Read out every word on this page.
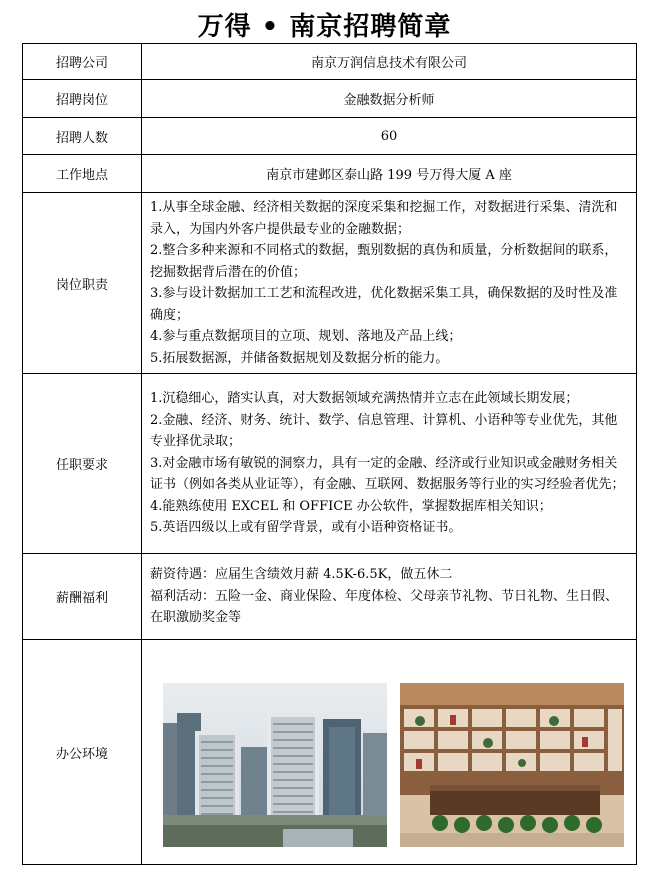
万得 • 南京招聘简章
招聘公司	南京万润信息技术有限公司
招聘岗位	金融数据分析师
招聘人数	60
工作地点	南京市建邺区泰山路 199 号万得大厦 A 座
岗位职责	1.从事全球金融、经济相关数据的深度采集和挖掘工作，对数据进行采集、清洗和录入，为国内外客户提供最专业的金融数据；
2.整合多种来源和不同格式的数据，甄别数据的真伪和质量，分析数据间的联系，挖掘数据背后潜在的价值；
3.参与设计数据加工工艺和流程改进，优化数据采集工具，确保数据的及时性及准确度；
4.参与重点数据项目的立项、规划、落地及产品上线；
5.拓展数据源，并储备数据规划及数据分析的能力。

任职要求	1.沉稳细心，踏实认真，对大数据领域充满热情并立志在此领域长期发展；
2.金融、经济、财务、统计、数学、信息管理、计算机、小语种等专业优先，其他专业择优录取；
3.对金融市场有敏锐的洞察力，具有一定的金融、经济或行业知识或金融财务相关证书（例如各类从业证等），有金融、互联网、数据服务等行业的实习经验者优先；
4.能熟练使用 EXCEL 和 OFFICE 办公软件，掌握数据库相关知识；
5.英语四级以上或有留学背景，或有小语种资格证书。

薪酬福利	薪资待遇：应届生含绩效月薪 4.5K-6.5K，做五休二
福利活动：五险一金、商业保险、年度体检、父母亲节礼物、节日礼物、生日假、在职激励奖金等

办公环境	
